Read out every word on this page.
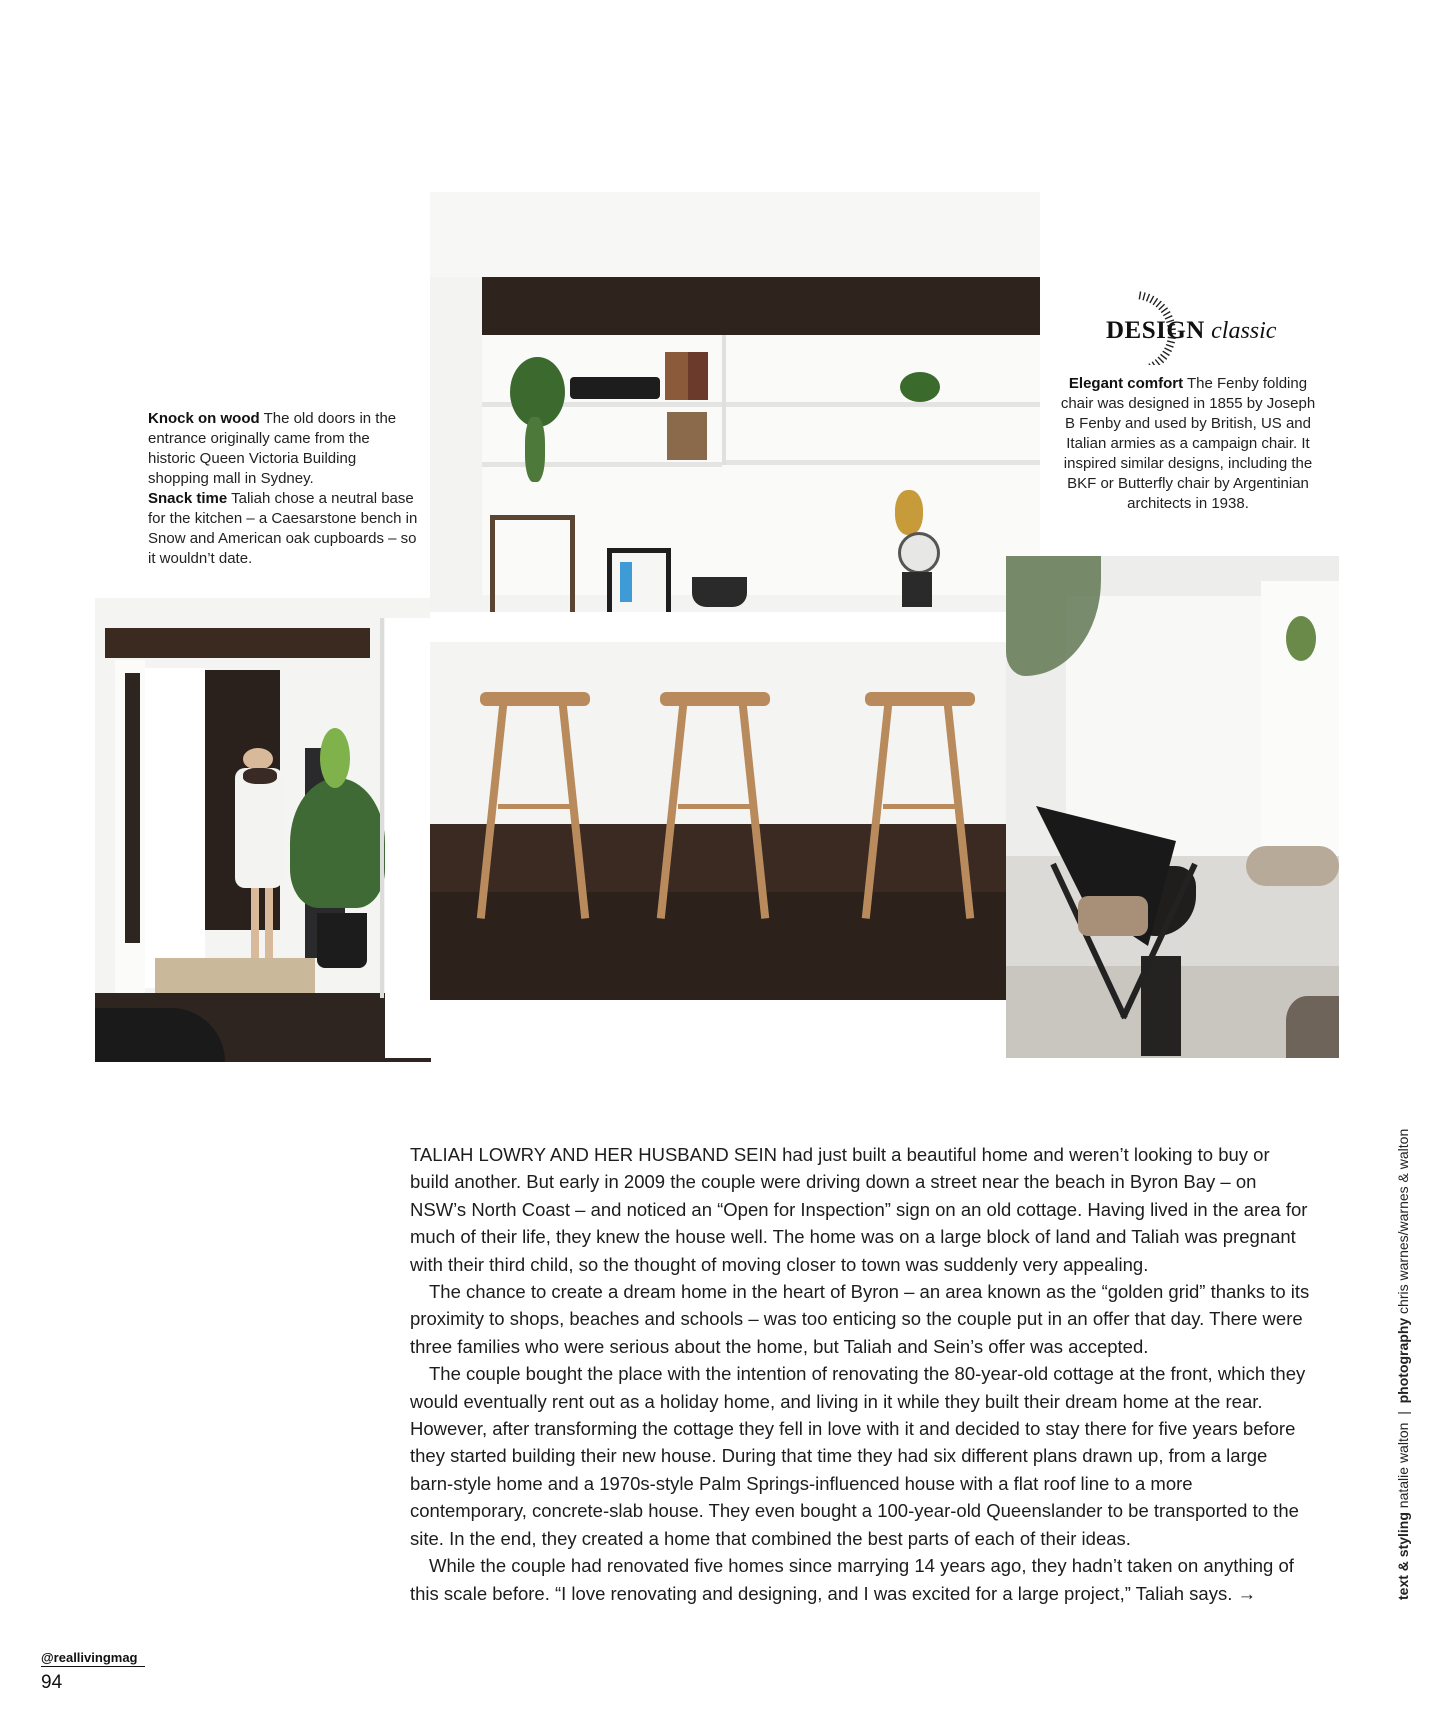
Knock on wood The old doors in the entrance originally came from the historic Queen Victoria Building shopping mall in Sydney.
Snack time Taliah chose a neutral base for the kitchen – a Caesarstone bench in Snow and American oak cupboards – so it wouldn’t date.
DESIGN classic
Elegant comfort The Fenby folding chair was designed in 1855 by Joseph B Fenby and used by British, US and Italian armies as a campaign chair. It inspired similar designs, including the BKF or Butterfly chair by Argentinian architects in 1938.

TALIAH LOWRY AND HER HUSBAND SEIN had just built a beautiful home and weren’t looking to buy or build another. But early in 2009 the couple were driving down a street near the beach in Byron Bay – on NSW’s North Coast – and noticed an “Open for Inspection” sign on an old cottage. Having lived in the area for much of their life, they knew the house well. The home was on a large block of land and Taliah was pregnant with their third child, so the thought of moving closer to town was suddenly very appealing.

The chance to create a dream home in the heart of Byron – an area known as the “golden grid” thanks to its proximity to shops, beaches and schools – was too enticing so the couple put in an offer that day. There were three families who were serious about the home, but Taliah and Sein’s offer was accepted.

The couple bought the place with the intention of renovating the 80-year-old cottage at the front, which they would eventually rent out as a holiday home, and living in it while they built their dream home at the rear. However, after transforming the cottage they fell in love with it and decided to stay there for five years before they started building their new house. During that time they had six different plans drawn up, from a large barn-style home and a 1970s-style Palm Springs-influenced house with a flat roof line to a more contemporary, concrete-slab house. They even bought a 100-year-old Queenslander to be transported to the site. In the end, they created a home that combined the best parts of each of their ideas.

While the couple had renovated five homes since marrying 14 years ago, they hadn’t taken on anything of this scale before. “I love renovating and designing, and I was excited for a large project,” Taliah says. →	text & styling natalie walton  |  photography chris warnes/warnes & walton
@reallivingmag
94
